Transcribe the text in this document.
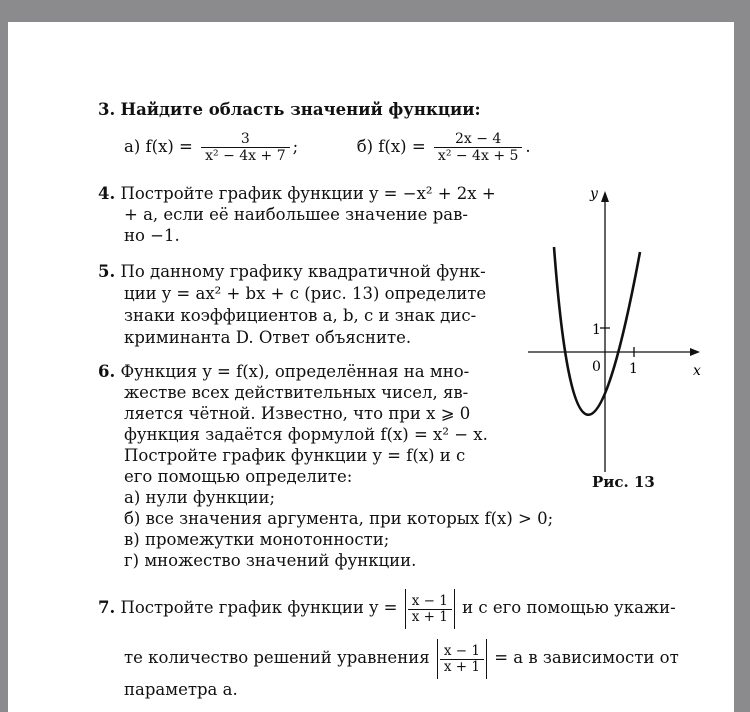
3. Найдите область значений функции:
а) $f(x) = \frac{3}{\text{x² − 4x + 7}}$ ;	б) $f(x) = \frac{2x - 4}{\text{x² − 4x + 5}}$ .
4. Постройте график функции y = −x² + 2x +
+ a, если её наибольшее значение рав-
но −1.
5. По данному графику квадратичной функ-
ции y = ax² + bx + c (рис. 13) определите
знаки коэффициентов a, b, c и знак дис-
криминанта D. Ответ объясните.
6. Функция y = f(x), определённая на мно-
жестве всех действительных чисел, яв-
ляется чётной. Известно, что при x ⩾ 0
функция задаётся формулой f(x) = x² − x.
Постройте график функции y = f(x) и с
его помощью определите:
а) нули функции;
б) все значения аргумента, при которых f(x) > 0;
в) промежутки монотонности;
г) множество значений функции.
7. Постройте график функции $y = \frac{x - 1}{x + 1}$ и с его помощью укажи-
те количество решений уравнения $\frac{x - 1}{x + 1} = a$ в зависимости от
параметра a.
y
x
0 1
1
Рис. 13
